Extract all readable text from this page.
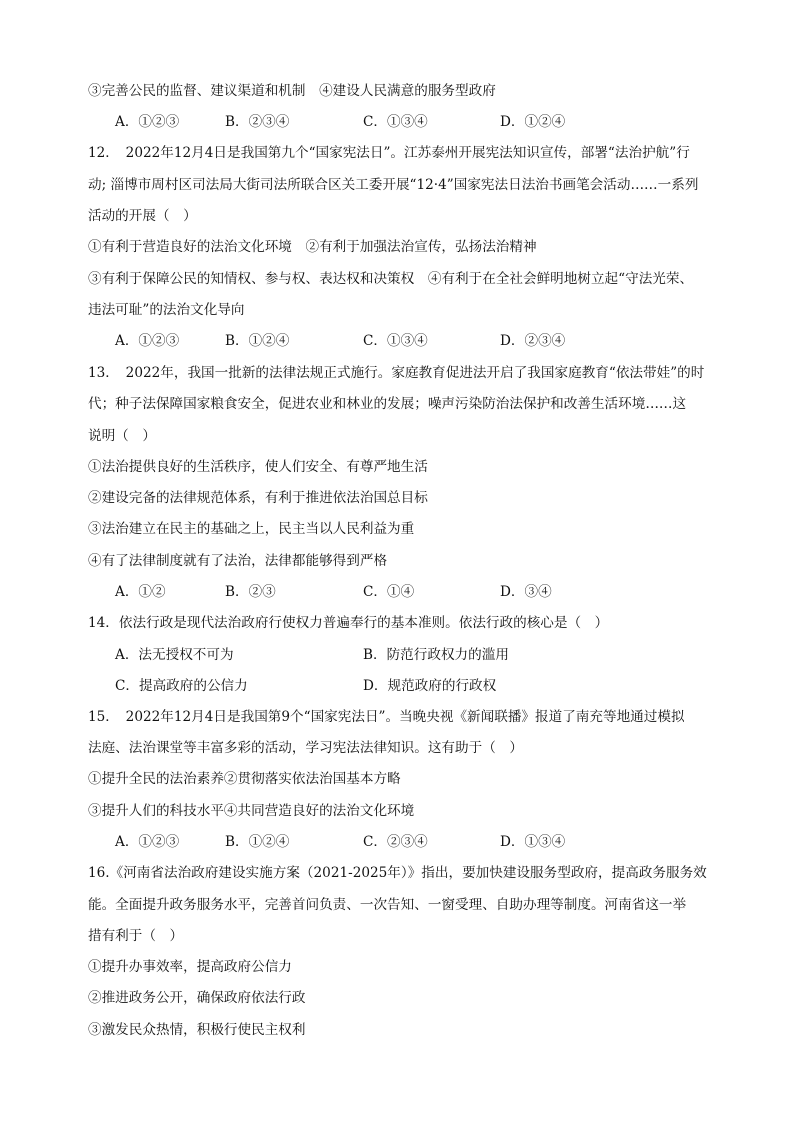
③完善公民的监督、建议渠道和机制　④建设人民满意的服务型政府
A．①②③	B．②③④	C．①③④	D．①②④
12．　2022年12月4日是我国第九个“国家宪法日”。江苏泰州开展宪法知识宣传，部署“法治护航”行
动; 淄博市周村区司法局大街司法所联合区关工委开展“12·4”国家宪法日法治书画笔会活动……一系列
活动的开展（　）
①有利于营造良好的法治文化环境　②有利于加强法治宣传，弘扬法治精神
③有利于保障公民的知情权、参与权、表达权和决策权　④有利于在全社会鲜明地树立起“守法光荣、
违法可耻”的法治文化导向
A．①②③	B．①②④	C．①③④	D．②③④
13．　2022年，我国一批新的法律法规正式施行。家庭教育促进法开启了我国家庭教育“依法带娃”的时
代；种子法保障国家粮食安全，促进农业和林业的发展；噪声污染防治法保护和改善生活环境……这
说明（　）
①法治提供良好的生活秩序，使人们安全、有尊严地生活
②建设完备的法律规范体系，有利于推进依法治国总目标
③法治建立在民主的基础之上，民主当以人民利益为重
④有了法律制度就有了法治，法律都能够得到严格
A．①②	B．②③	C．①④	D．③④
14．依法行政是现代法治政府行使权力普遍奉行的基本准则。依法行政的核心是（　）
A．法无授权不可为	B．防范行政权力的滥用
C．提高政府的公信力	D．规范政府的行政权
15．　2022年12月4日是我国第9个“国家宪法日”。当晚央视《新闻联播》报道了南充等地通过模拟
法庭、法治课堂等丰富多彩的活动，学习宪法法律知识。这有助于（　）
①提升全民的法治素养②贯彻落实依法治国基本方略
③提升人们的科技水平④共同营造良好的法治文化环境
A．①②③	B．①②④	C．②③④	D．①③④
16.《河南省法治政府建设实施方案（2021-2025年）》指出，要加快建设服务型政府，提高政务服务效
能。全面提升政务服务水平，完善首问负责、一次告知、一窗受理、自助办理等制度。河南省这一举
措有利于（　）
①提升办事效率，提高政府公信力
②推进政务公开，确保政府依法行政
③激发民众热情，积极行使民主权利
